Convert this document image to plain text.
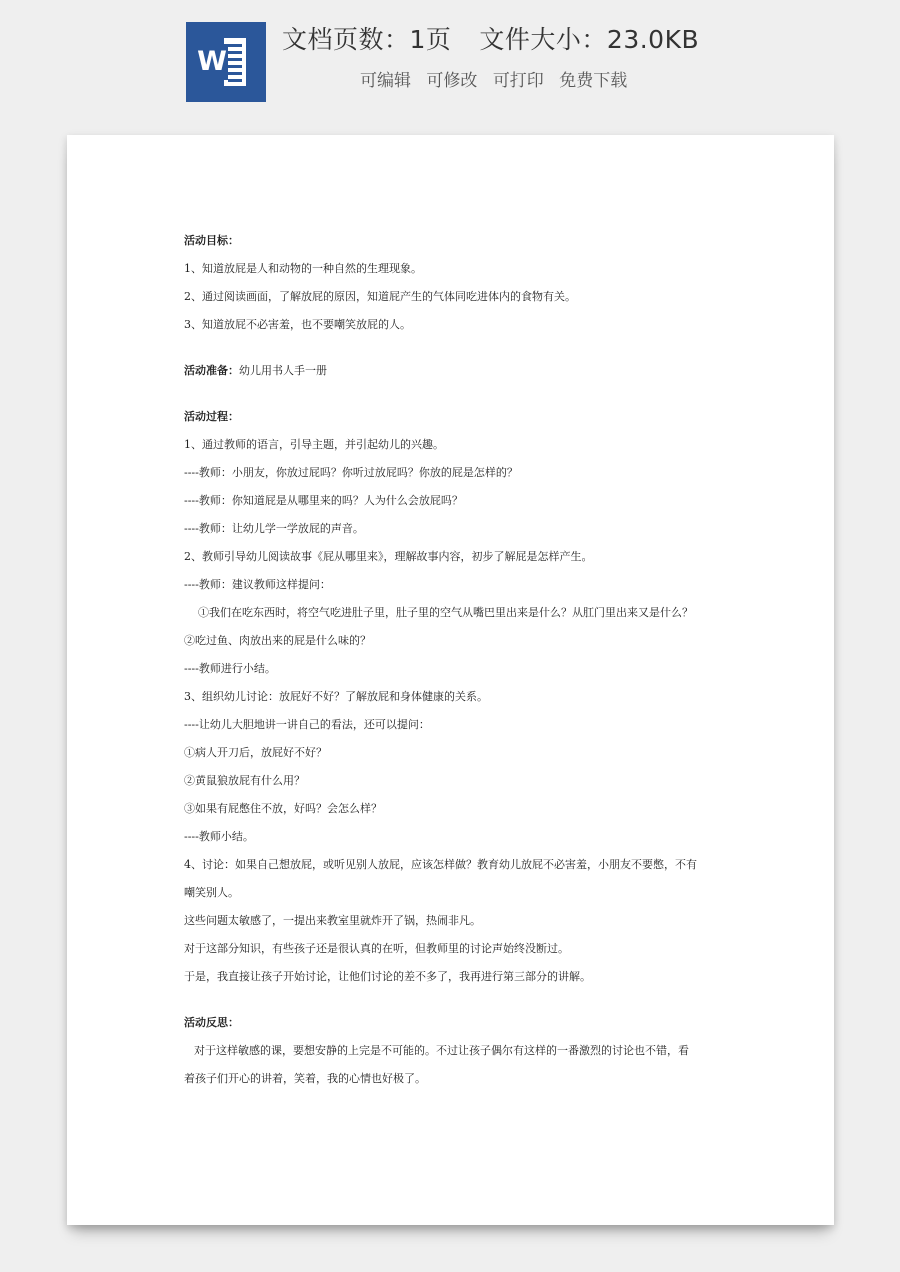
W
文档页数：1页 文件大小：23.0KB
可编辑 可修改 可打印 免费下载
活动目标：
1、知道放屁是人和动物的一种自然的生理现象。
2、通过阅读画面，了解放屁的原因，知道屁产生的气体同吃进体内的食物有关。
3、知道放屁不必害羞，也不要嘲笑放屁的人。
活动准备：幼儿用书人手一册
活动过程：
1、通过教师的语言，引导主题，并引起幼儿的兴趣。
----教师：小朋友，你放过屁吗？你听过放屁吗？你放的屁是怎样的？
----教师：你知道屁是从哪里来的吗？人为什么会放屁吗？
----教师：让幼儿学一学放屁的声音。
2、教师引导幼儿阅读故事《屁从哪里来》，理解故事内容，初步了解屁是怎样产生。
----教师：建议教师这样提问：
①我们在吃东西时，将空气吃进肚子里，肚子里的空气从嘴巴里出来是什么？从肛门里出来又是什么？
②吃过鱼、肉放出来的屁是什么味的？
----教师进行小结。
3、组织幼儿讨论：放屁好不好？了解放屁和身体健康的关系。
----让幼儿大胆地讲一讲自己的看法，还可以提问：
①病人开刀后，放屁好不好？
②黄鼠狼放屁有什么用？
③如果有屁憋住不放，好吗？会怎么样？
----教师小结。
4、讨论：如果自己想放屁，或听见别人放屁，应该怎样做？教育幼儿放屁不必害羞，小朋友不要憋，不有
嘲笑别人。
这些问题太敏感了，一提出来教室里就炸开了锅，热闹非凡。
对于这部分知识，有些孩子还是很认真的在听，但教师里的讨论声始终没断过。
于是，我直接让孩子开始讨论，让他们讨论的差不多了，我再进行第三部分的讲解。
活动反思：
对于这样敏感的课，要想安静的上完是不可能的。不过让孩子偶尔有这样的一番激烈的讨论也不错，看
着孩子们开心的讲着，笑着，我的心情也好极了。
